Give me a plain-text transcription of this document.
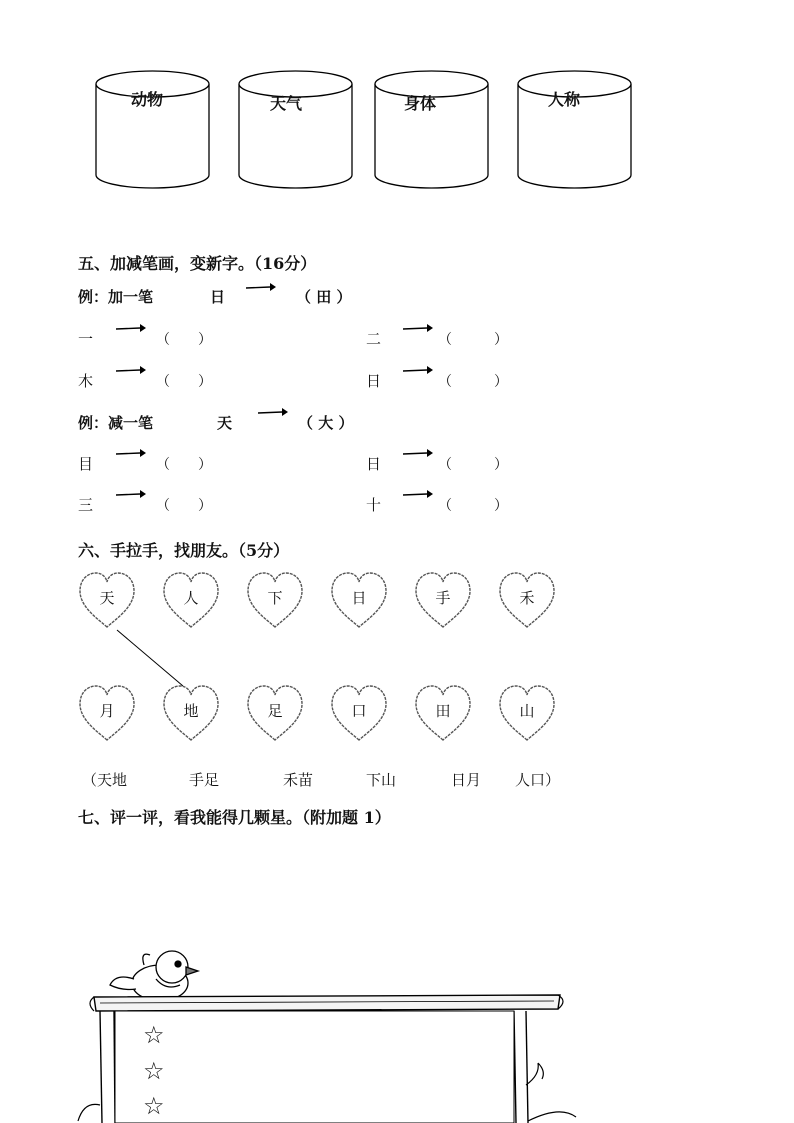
动物	天气	身体	人称
五、加减笔画，变新字。（16分）
例：加一笔	日	（ 田 ）
一	（　　）	二	（　　　）
木	（　　）	日	（　　　）
例：减一笔	天	（ 大 ）
目	（　　）	日	（　　　）
三	（　　）	十	（　　　）
六、手拉手，找朋友。（5分）
天	人	下	日	手	禾
月	地	足	口	田	山
（天地	手足	禾苗	下山	日月 人口）
七、评一评，看我能得几颗星。（附加题 1）
☆
☆
☆
